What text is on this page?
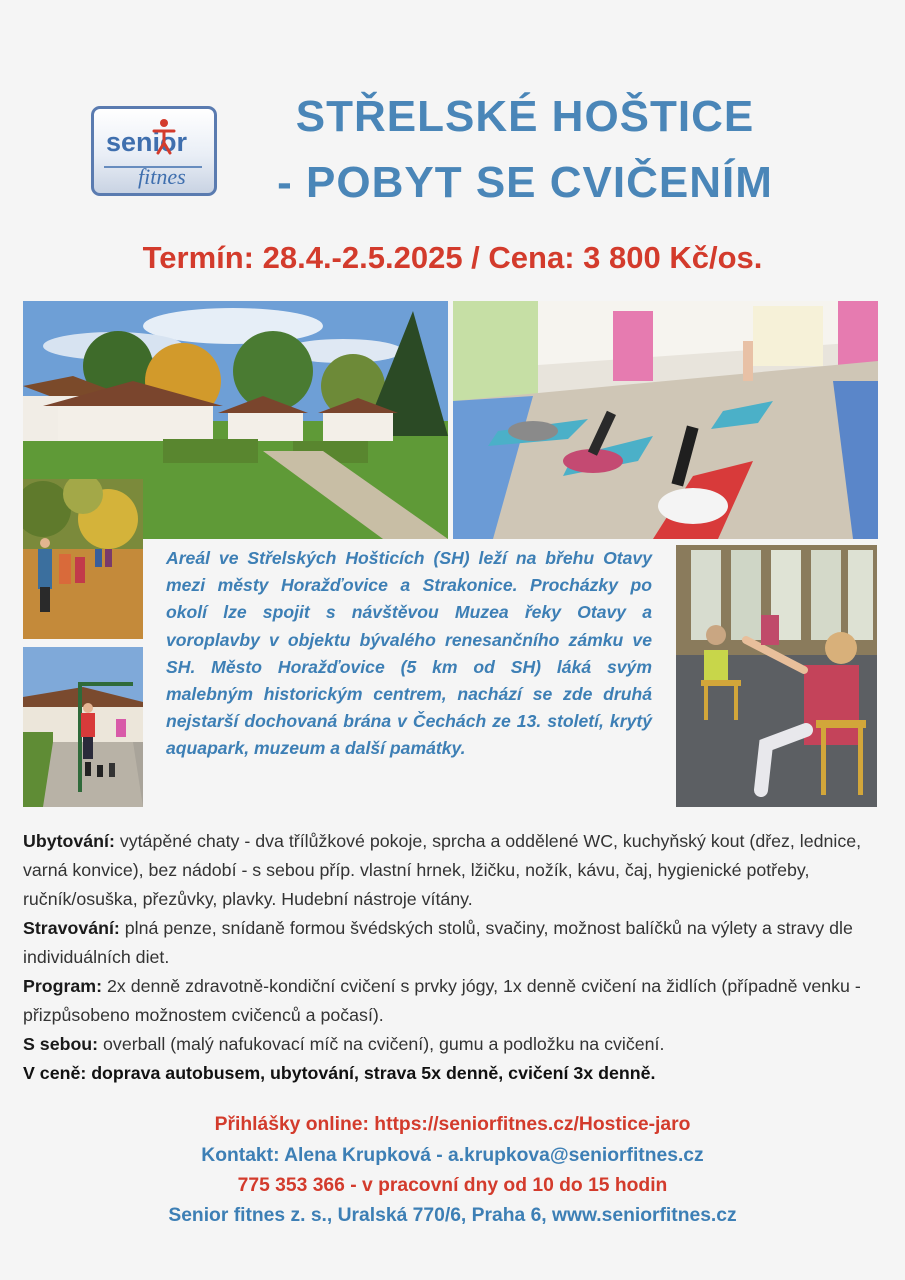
senior
fitnes
STŘELSKÉ HOŠTICE
- POBYT SE CVIČENÍM
Termín: 28.4.-2.5.2025 / Cena: 3 800 Kč/os.
Areál ve Střelských Hošticích (SH) leží na břehu Otavy mezi městy Horažďovice a Strakonice. Procházky po okolí lze spojit s návštěvou Muzea řeky Otavy a voroplavby v objektu bývalého renesančního zámku ve SH. Město Horažďovice (5 km od SH) láká svým malebným historickým centrem, nachází se zde druhá nejstarší dochovaná brána v Čechách ze 13. století, krytý aquapark, muzeum a další památky.

Ubytování: vytápěné chaty - dva třílůžkové pokoje, sprcha a oddělené WC, kuchyňský kout (dřez, lednice, varná konvice), bez nádobí - s sebou příp. vlastní hrnek, lžičku, nožík, kávu, čaj, hygienické potřeby, ručník/osuška, přezůvky, plavky. Hudební nástroje vítány.

Stravování: plná penze, snídaně formou švédských stolů, svačiny, možnost balíčků na výlety a stravy dle individuálních diet.

Program: 2x denně zdravotně-kondiční cvičení s prvky jógy, 1x denně cvičení na židlích (případně venku - přizpůsobeno možnostem cvičenců a počasí).

S sebou: overball (malý nafukovací míč na cvičení), gumu a podložku na cvičení.

V ceně: doprava autobusem, ubytování, strava 5x denně, cvičení 3x denně.

Přihlášky online: https://seniorfitnes.cz/Hostice-jaro
Kontakt: Alena Krupková - a.krupkova@seniorfitnes.cz
775 353 366 - v pracovní dny od 10 do 15 hodin
Senior fitnes z. s., Uralská 770/6, Praha 6, www.seniorfitnes.cz
